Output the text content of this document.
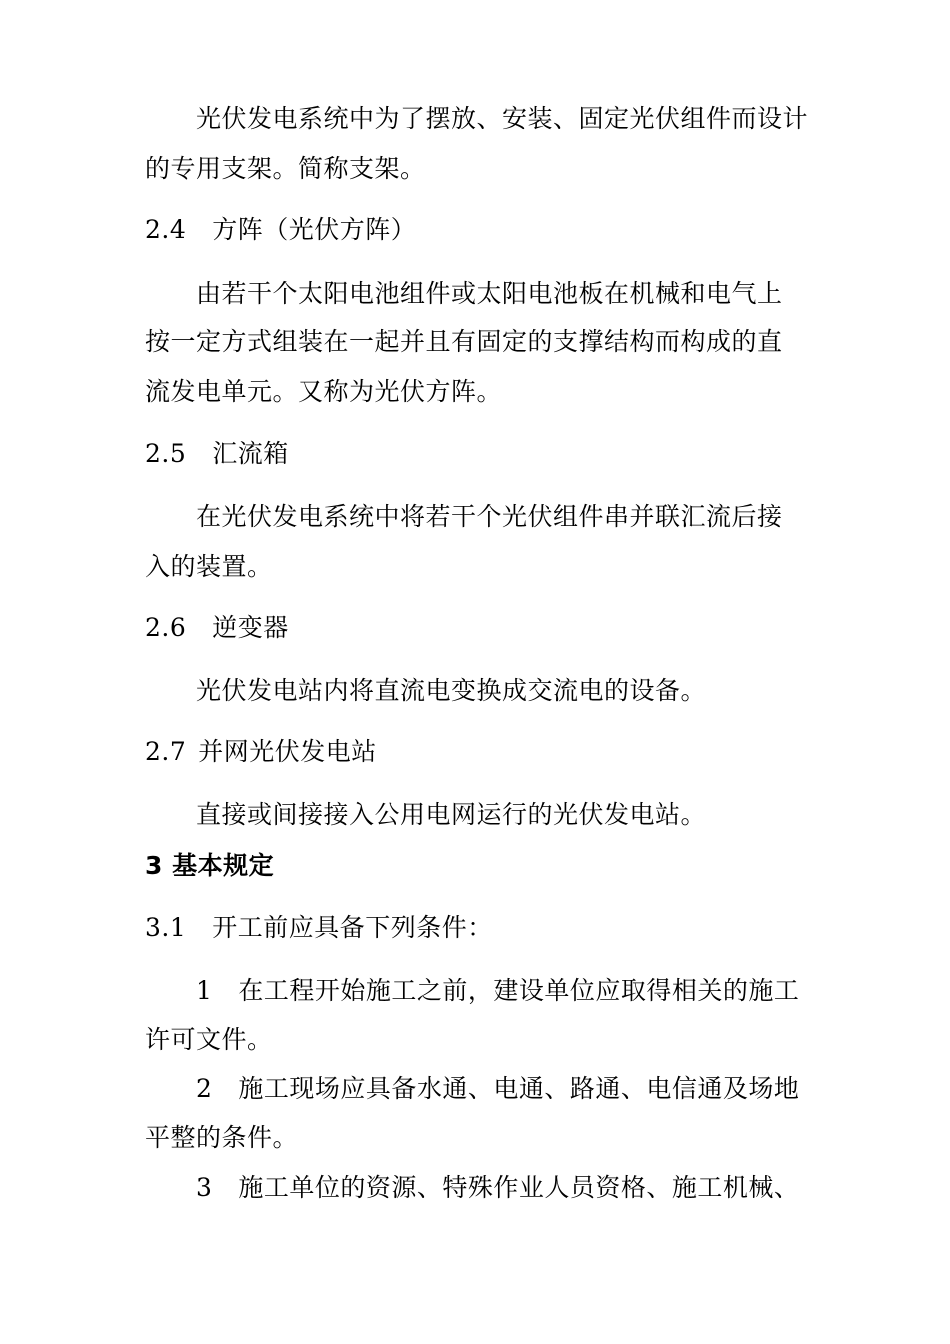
光伏发电系统中为了摆放、安装、固定光伏组件而设计
的专用支架。简称支架。
2.4 方阵（光伏方阵）
由若干个太阳电池组件或太阳电池板在机械和电气上
按一定方式组装在一起并且有固定的支撑结构而构成的直
流发电单元。又称为光伏方阵。
2.5 汇流箱
在光伏发电系统中将若干个光伏组件串并联汇流后接
入的装置。
2.6 逆变器
光伏发电站内将直流电变换成交流电的设备。
2.7 并网光伏发电站
直接或间接接入公用电网运行的光伏发电站。
3 基本规定
3.1 开工前应具备下列条件：
1 在工程开始施工之前，建设单位应取得相关的施工
许可文件。
2 施工现场应具备水通、电通、路通、电信通及场地
平整的条件。
3 施工单位的资源、特殊作业人员资格、施工机械、
